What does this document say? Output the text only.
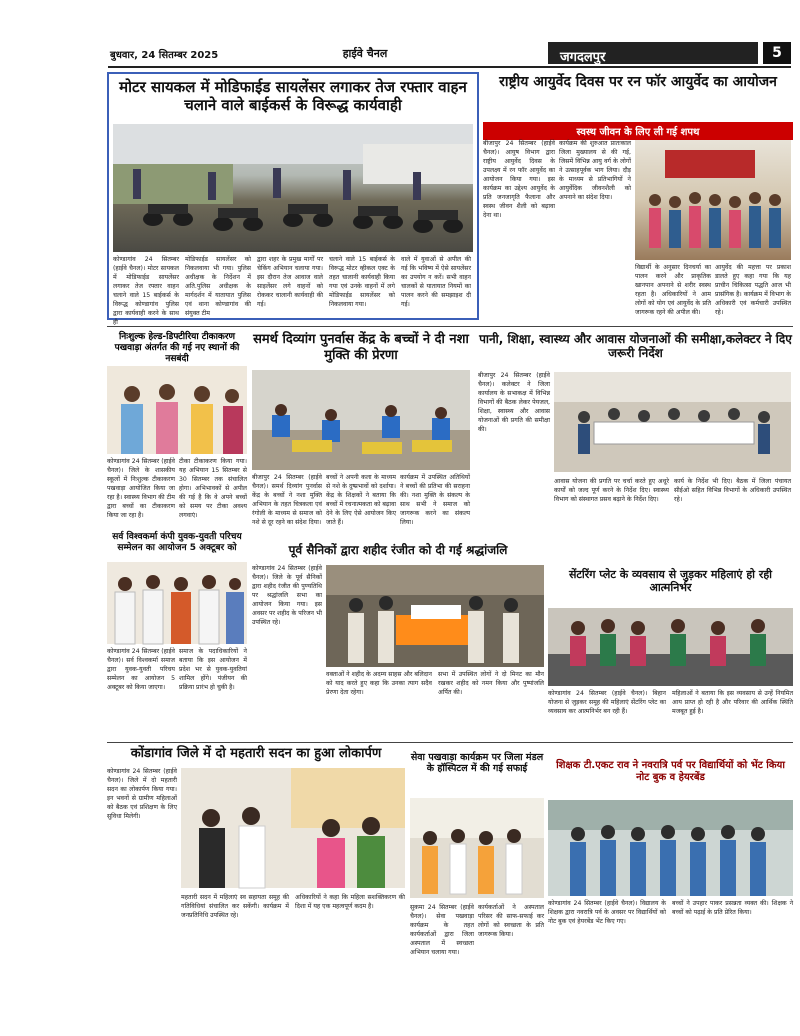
बुधवार, 24 सितम्बर 2025	हाईवे चैनल	जगदलपुर	5
मोटर सायकल में मोडिफाईड सायलेंसर लगाकर तेज रफ्तार वाहन चलाने वाले बाईकर्स के विरूद्ध कार्यवाही
कोण्डागांव 24 सितम्बर (हाईवे चैनल)। मोटर सायकल में मोडिफाईड सायलेंसर लगाकर तेज रफ्तार वाहन चलाने वाले 15 बाईकर्स के विरूद्ध कोण्डागांव पुलिस द्वारा कार्यवाही करने के साथ ही
मोडिफाईड सायलेंसर को निकलवाया भी गया। पुलिस अधीक्षक के निर्देशन में अति.पुलिस अधीक्षक के मार्गदर्शन में यातायात पुलिस एवं थाना कोण्डागांव की संयुक्त टीम
द्वारा शहर के प्रमुख मार्गों पर चेकिंग अभियान चलाया गया। इस दौरान तेज आवाज वाले साइलेंसर लगे वाहनों को रोककर चालानी कार्यवाही की गई।
चलाने वाले 15 बाईकर्स के विरूद्ध मोटर व्हीकल एक्ट के तहत चालानी कार्यवाही किया गया एवं उनके वाहनों में लगे मोडिफाईड सायलेंसर को निकलवाया गया।
वाले में युवाओं से अपील की गई कि भविष्य में ऐसे सायलेंसर का उपयोग न करें। सभी वाहन चालकों से यातायात नियमों का पालन करने की समझाइश दी गई।
राष्ट्रीय आयुर्वेद दिवस पर रन फॉर आयुर्वेद का आयोजन
स्वस्थ जीवन के लिए ली गई शपथ
बीजापुर 24 सितम्बर (हाईवे चैनल)। आयुष विभाग द्वारा राष्ट्रीय आयुर्वेद दिवस के उपलक्ष्य में रन फॉर आयुर्वेद का आयोजन किया गया। इस कार्यक्रम का उद्देश्य आयुर्वेद के प्रति जनजागृति फैलाना और स्वस्थ जीवन शैली को बढ़ावा देना था।
कार्यक्रम की शुरुआत प्रातःकाल जिला मुख्यालय से की गई, जिसमें विभिन्न आयु वर्ग के लोगों ने उत्साहपूर्वक भाग लिया। दौड़ के माध्यम से प्रतिभागियों ने आयुर्वेदिक जीवनशैली को अपनाने का संदेश दिया।
विद्यार्थी के अनुसार दिनचर्या का पालन करने और प्राकृतिक खानपान अपनाने से शरीर स्वस्थ रहता है। अधिकारियों ने आम लोगों को योग एवं आयुर्वेद के प्रति जागरूक रहने की अपील की।
आयुर्वेद की महत्ता पर प्रकाश डालते हुए कहा गया कि यह प्राचीन चिकित्सा पद्धति आज भी प्रासंगिक है। कार्यक्रम में विभाग के अधिकारी एवं कर्मचारी उपस्थित रहे।
निःशुल्क हेल्ड-डिफ्टीरिया टीकाकरण पखवाड़ा अंतर्गत की गई नए स्थानों की नसबंदी
कोण्डागांव 24 सितम्बर (हाईवे चैनल)। जिले के शासकीय स्कूलों में निःशुल्क टीकाकरण पखवाड़ा आयोजित किया जा रहा है। स्वास्थ्य विभाग की टीम द्वारा बच्चों का टीकाकरण किया जा रहा है।
टीका टीकाकरण किया गया। यह अभियान 15 सितम्बर से 30 सितम्बर तक संचालित होगा। अभिभावकों से अपील की गई है कि वे अपने बच्चों को समय पर टीका अवश्य लगवाएं।
समर्थ दिव्यांग पुनर्वास केंद्र के बच्चों ने दी नशा मुक्ति की प्रेरणा
बीजापुर 24 सितम्बर (हाईवे चैनल)। समर्थ दिव्यांग पुनर्वास केंद्र के बच्चों ने नशा मुक्ति अभियान के तहत चित्रकला एवं रंगोली के माध्यम से समाज को नशे से दूर रहने का संदेश दिया।
बच्चों ने अपनी कला के माध्यम से नशे के दुष्प्रभावों को दर्शाया। केंद्र के शिक्षकों ने बताया कि बच्चों में रचनात्मकता को बढ़ावा देने के लिए ऐसे आयोजन किए जाते हैं।
कार्यक्रम में उपस्थित अतिथियों ने बच्चों की प्रतिभा की सराहना की। नशा मुक्ति के संकल्प के साथ सभी ने समाज को जागरूक करने का संकल्प लिया।
पानी, शिक्षा, स्वास्थ्य और आवास योजनाओं की समीक्षा,कलेक्टर ने दिए जरूरी निर्देश
बीजापुर 24 सितम्बर (हाईवे चैनल)। कलेक्टर ने जिला कार्यालय के सभाकक्ष में विभिन्न विभागों की बैठक लेकर पेयजल, शिक्षा, स्वास्थ्य और आवास योजनाओं की प्रगति की समीक्षा की।
आवास योजना की प्रगति पर चर्चा करते हुए अधूरे कार्यों को जल्द पूर्ण करने के निर्देश दिए। स्वास्थ्य विभाग को संस्थागत प्रसव बढ़ाने के निर्देश दिए।
कार्य के निर्देश भी दिए। बैठक में जिला पंचायत सीईओ सहित विभिन्न विभागों के अधिकारी उपस्थित रहे।
सर्व विश्वकर्मा कंपी युवक-युवती परिचय सम्मेलन का आयोजन 5 अक्टूबर को
कोण्डागांव 24 सितम्बर (हाईवे चैनल)। सर्व विश्वकर्मा समाज द्वारा युवक-युवती परिचय सम्मेलन का आयोजन 5 अक्टूबर को किया जाएगा।
समाज के पदाधिकारियों ने बताया कि इस आयोजन में प्रदेश भर से युवक-युवतियां शामिल होंगे। पंजीयन की प्रक्रिया प्रारंभ हो चुकी है।
पूर्व सैनिकों द्वारा शहीद रंजीत को दी गई श्रद्धांजलि
कोण्डागांव 24 सितम्बर (हाईवे चैनल)। जिले के पूर्व सैनिकों द्वारा शहीद रंजीत की पुण्यतिथि पर श्रद्धांजलि सभा का आयोजन किया गया। इस अवसर पर शहीद के परिजन भी उपस्थित रहे।
वक्ताओं ने शहीद के अदम्य साहस और बलिदान को याद करते हुए कहा कि उनका त्याग सदैव प्रेरणा देता रहेगा।
सभा में उपस्थित लोगों ने दो मिनट का मौन रखकर शहीद को नमन किया और पुष्पांजलि अर्पित की।
सेंटरिंग प्लेट के व्यवसाय से जुड़कर महिलाएं हो रही आत्मनिर्भर
कोण्डागांव 24 सितम्बर (हाईवे चैनल)। बिहान योजना से जुड़कर समूह की महिलाएं सेंटरिंग प्लेट का व्यवसाय कर आत्मनिर्भर बन रही हैं।
महिलाओं ने बताया कि इस व्यवसाय से उन्हें नियमित आय प्राप्त हो रही है और परिवार की आर्थिक स्थिति मजबूत हुई है।
कोंडागांव जिले में दो महतारी सदन का हुआ लोकार्पण
कोण्डागांव 24 सितम्बर (हाईवे चैनल)। जिले में दो महतारी सदन का लोकार्पण किया गया। इन भवनों से ग्रामीण महिलाओं को बैठक एवं प्रशिक्षण के लिए सुविधा मिलेगी।
महतारी सदन में महिलाएं स्व सहायता समूह की गतिविधियां संचालित कर सकेंगी। कार्यक्रम में जनप्रतिनिधि उपस्थित रहे।
अधिकारियों ने कहा कि महिला सशक्तिकरण की दिशा में यह एक महत्वपूर्ण कदम है।
सेवा पखवाड़ा कार्यक्रम पर जिला मंडल के हॉस्पिटल में की गई सफाई
सुकमा 24 सितम्बर (हाईवे चैनल)। सेवा पखवाड़ा कार्यक्रम के तहत कार्यकर्ताओं द्वारा जिला अस्पताल में स्वच्छता अभियान चलाया गया।
कार्यकर्ताओं ने अस्पताल परिसर की साफ-सफाई कर लोगों को स्वच्छता के प्रति जागरूक किया।
शिक्षक टी.एकट राव ने नवरात्रि पर्व पर विद्यार्थियों को भेंट किया नोट बुक व हेयरबेंड
कोण्डागांव 24 सितम्बर (हाईवे चैनल)। विद्यालय के शिक्षक द्वारा नवरात्रि पर्व के अवसर पर विद्यार्थियों को नोट बुक एवं हेयरबेंड भेंट किए गए।
बच्चों ने उपहार पाकर प्रसन्नता व्यक्त की। शिक्षक ने बच्चों को पढ़ाई के प्रति प्रेरित किया।
